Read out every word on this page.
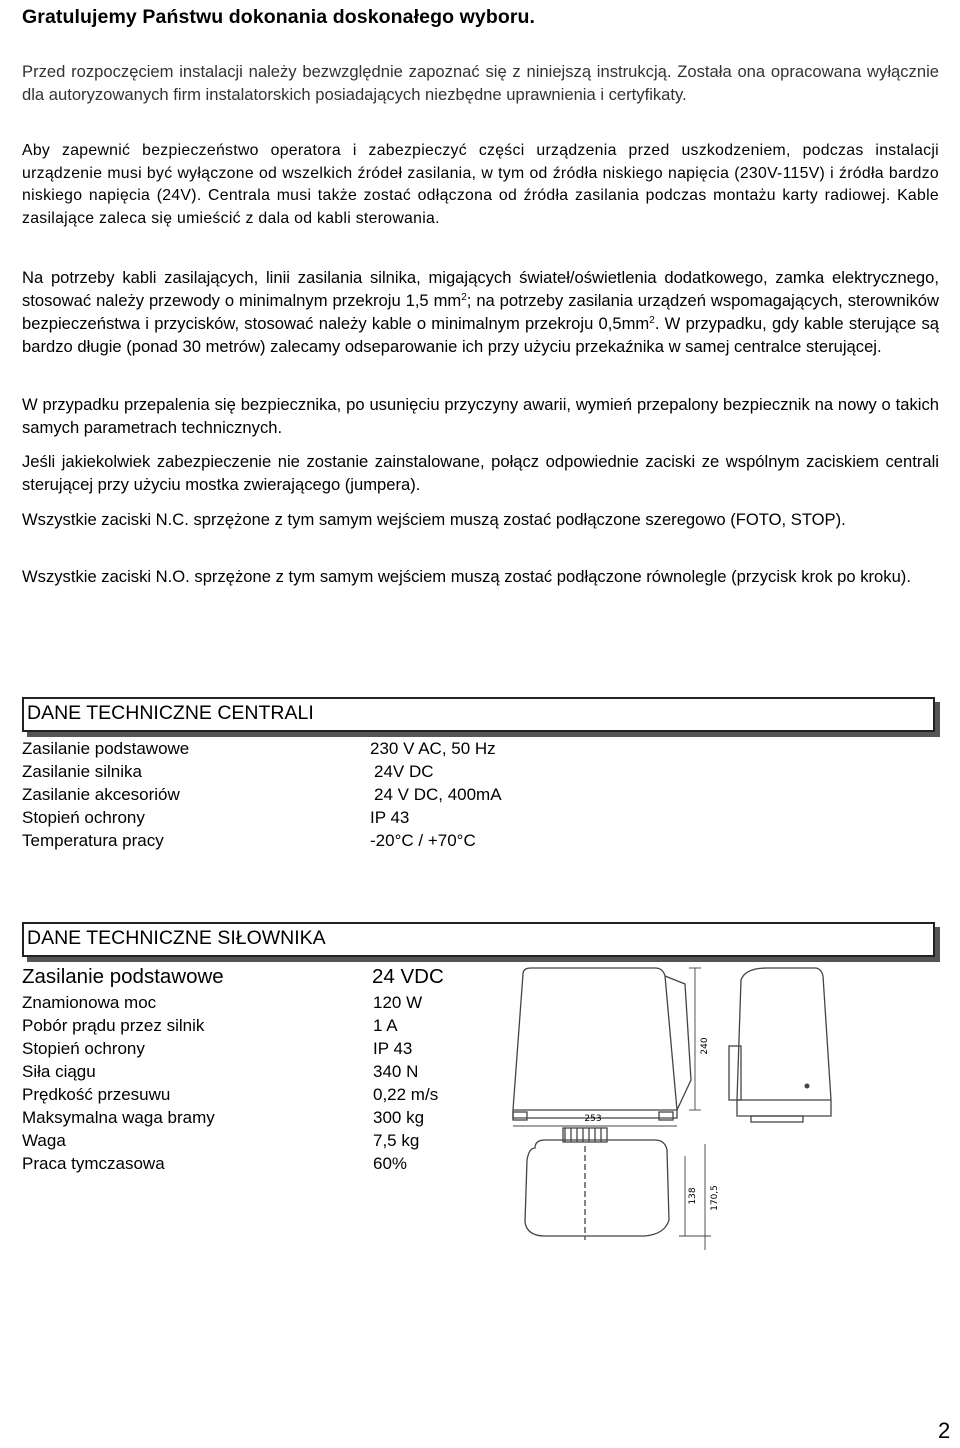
Gratulujemy Państwu dokonania doskonałego wyboru.

Przed rozpoczęciem instalacji należy bezwzględnie zapoznać się z niniejszą instrukcją. Została ona opracowana wyłącznie dla autoryzowanych firm instalatorskich posiadających niezbędne uprawnienia i certyfikaty.

Aby zapewnić bezpieczeństwo operatora i zabezpieczyć części urządzenia przed uszkodzeniem, podczas instalacji urządzenie musi być wyłączone od wszelkich źródeł zasilania, w tym od źródła niskiego napięcia (230V-115V) i źródła bardzo niskiego napięcia (24V). Centrala musi także zostać odłączona od źródła zasilania podczas montażu karty radiowej. Kable zasilające zaleca się umieścić z dala od kabli sterowania.

Na potrzeby kabli zasilających, linii zasilania silnika, migających świateł/oświetlenia dodatkowego, zamka elektrycznego, stosować należy przewody o minimalnym przekroju 1,5 $mm^2$; na potrzeby zasilania urządzeń wspomagających, sterowników bezpieczeństwa i przycisków, stosować należy kable o minimalnym przekroju $0,5mm^2$. W przypadku, gdy kable sterujące są bardzo długie (ponad 30 metrów) zalecamy odseparowanie ich przy użyciu przekaźnika w samej centralce sterującej.

W przypadku przepalenia się bezpiecznika, po usunięciu przyczyny awarii, wymień przepalony bezpiecznik na nowy o takich samych parametrach technicznych.

Jeśli jakiekolwiek zabezpieczenie nie zostanie zainstalowane, połącz odpowiednie zaciski ze wspólnym zaciskiem centrali sterującej przy użyciu mostka zwierającego (jumpera).

Wszystkie zaciski N.C. sprzężone z tym samym wejściem muszą zostać podłączone szeregowo (FOTO, STOP).

Wszystkie zaciski N.O. sprzężone z tym samym wejściem muszą zostać podłączone równolegle (przycisk krok po kroku).

DANE TECHNICZNE CENTRALI
Zasilanie podstawowe	230 V AC, 50 Hz
Zasilanie silnika	24V DC
Zasilanie akcesoriów	24 V DC, 400mA
Stopień ochrony	IP 43
Temperatura pracy	-20°C / +70°C
DANE TECHNICZNE SIŁOWNIKA
Zasilanie podstawowe	24 VDC
Znamionowa moc	120 W
Pobór prądu przez silnik	1 A
Stopień ochrony	IP 43
Siła ciągu	340 N
Prędkość przesuwu	0,22 m/s
Maksymalna waga bramy	300 kg
Waga	7,5 kg
Praca tymczasowa	60%
253
240
138 170,5
2
